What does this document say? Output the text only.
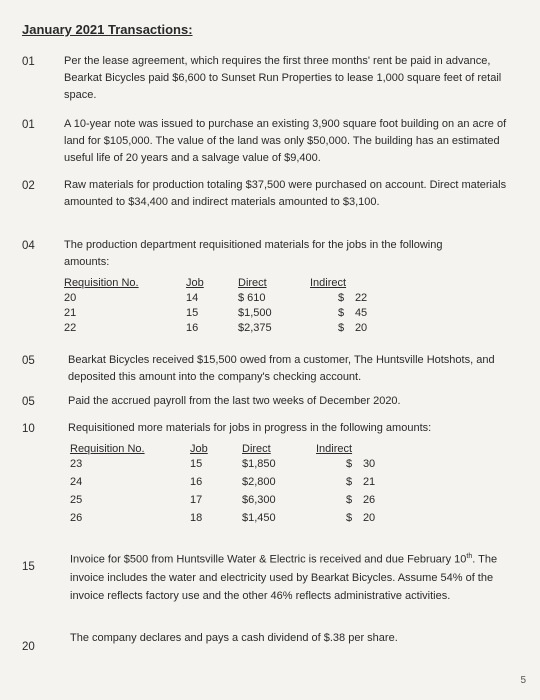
January 2021 Transactions:
01	Per the lease agreement, which requires the first three months' rent be paid in advance, Bearkat Bicycles paid $6,600 to Sunset Run Properties to lease 1,000 square feet of retail space.
01	A 10-year note was issued to purchase an existing 3,900 square foot building on an acre of land for $105,000. The value of the land was only $50,000. The building has an estimated useful life of 20 years and a salvage value of $9,400.
02	Raw materials for production totaling $37,500 were purchased on account. Direct materials amounted to $34,400 and indirect materials amounted to $3,100.
04	The production department requisitioned materials for the jobs in the following amounts:
Requisition No.	Job	Direct	Indirect
20	14	$ 610	$ 22
21	15	$1,500	$ 45
22	16	$2,375	$ 20
05	Bearkat Bicycles received $15,500 owed from a customer, The Huntsville Hotshots, and deposited this amount into the company's checking account.
05	Paid the accrued payroll from the last two weeks of December 2020.
10	Requisitioned more materials for jobs in progress in the following amounts:
Requisition No.	Job	Direct	Indirect
23	15	$1,850	$ 30
24	16	$2,800	$ 21
25	17	$6,300	$ 26
26	18	$1,450	$ 20
15
Invoice for $500 from Huntsville Water & Electric is received and due February 10th. The invoice includes the water and electricity used by Bearkat Bicycles. Assume 54% of the invoice reflects factory use and the other 46% reflects administrative activities.
20
The company declares and pays a cash dividend of $.38 per share.
5
